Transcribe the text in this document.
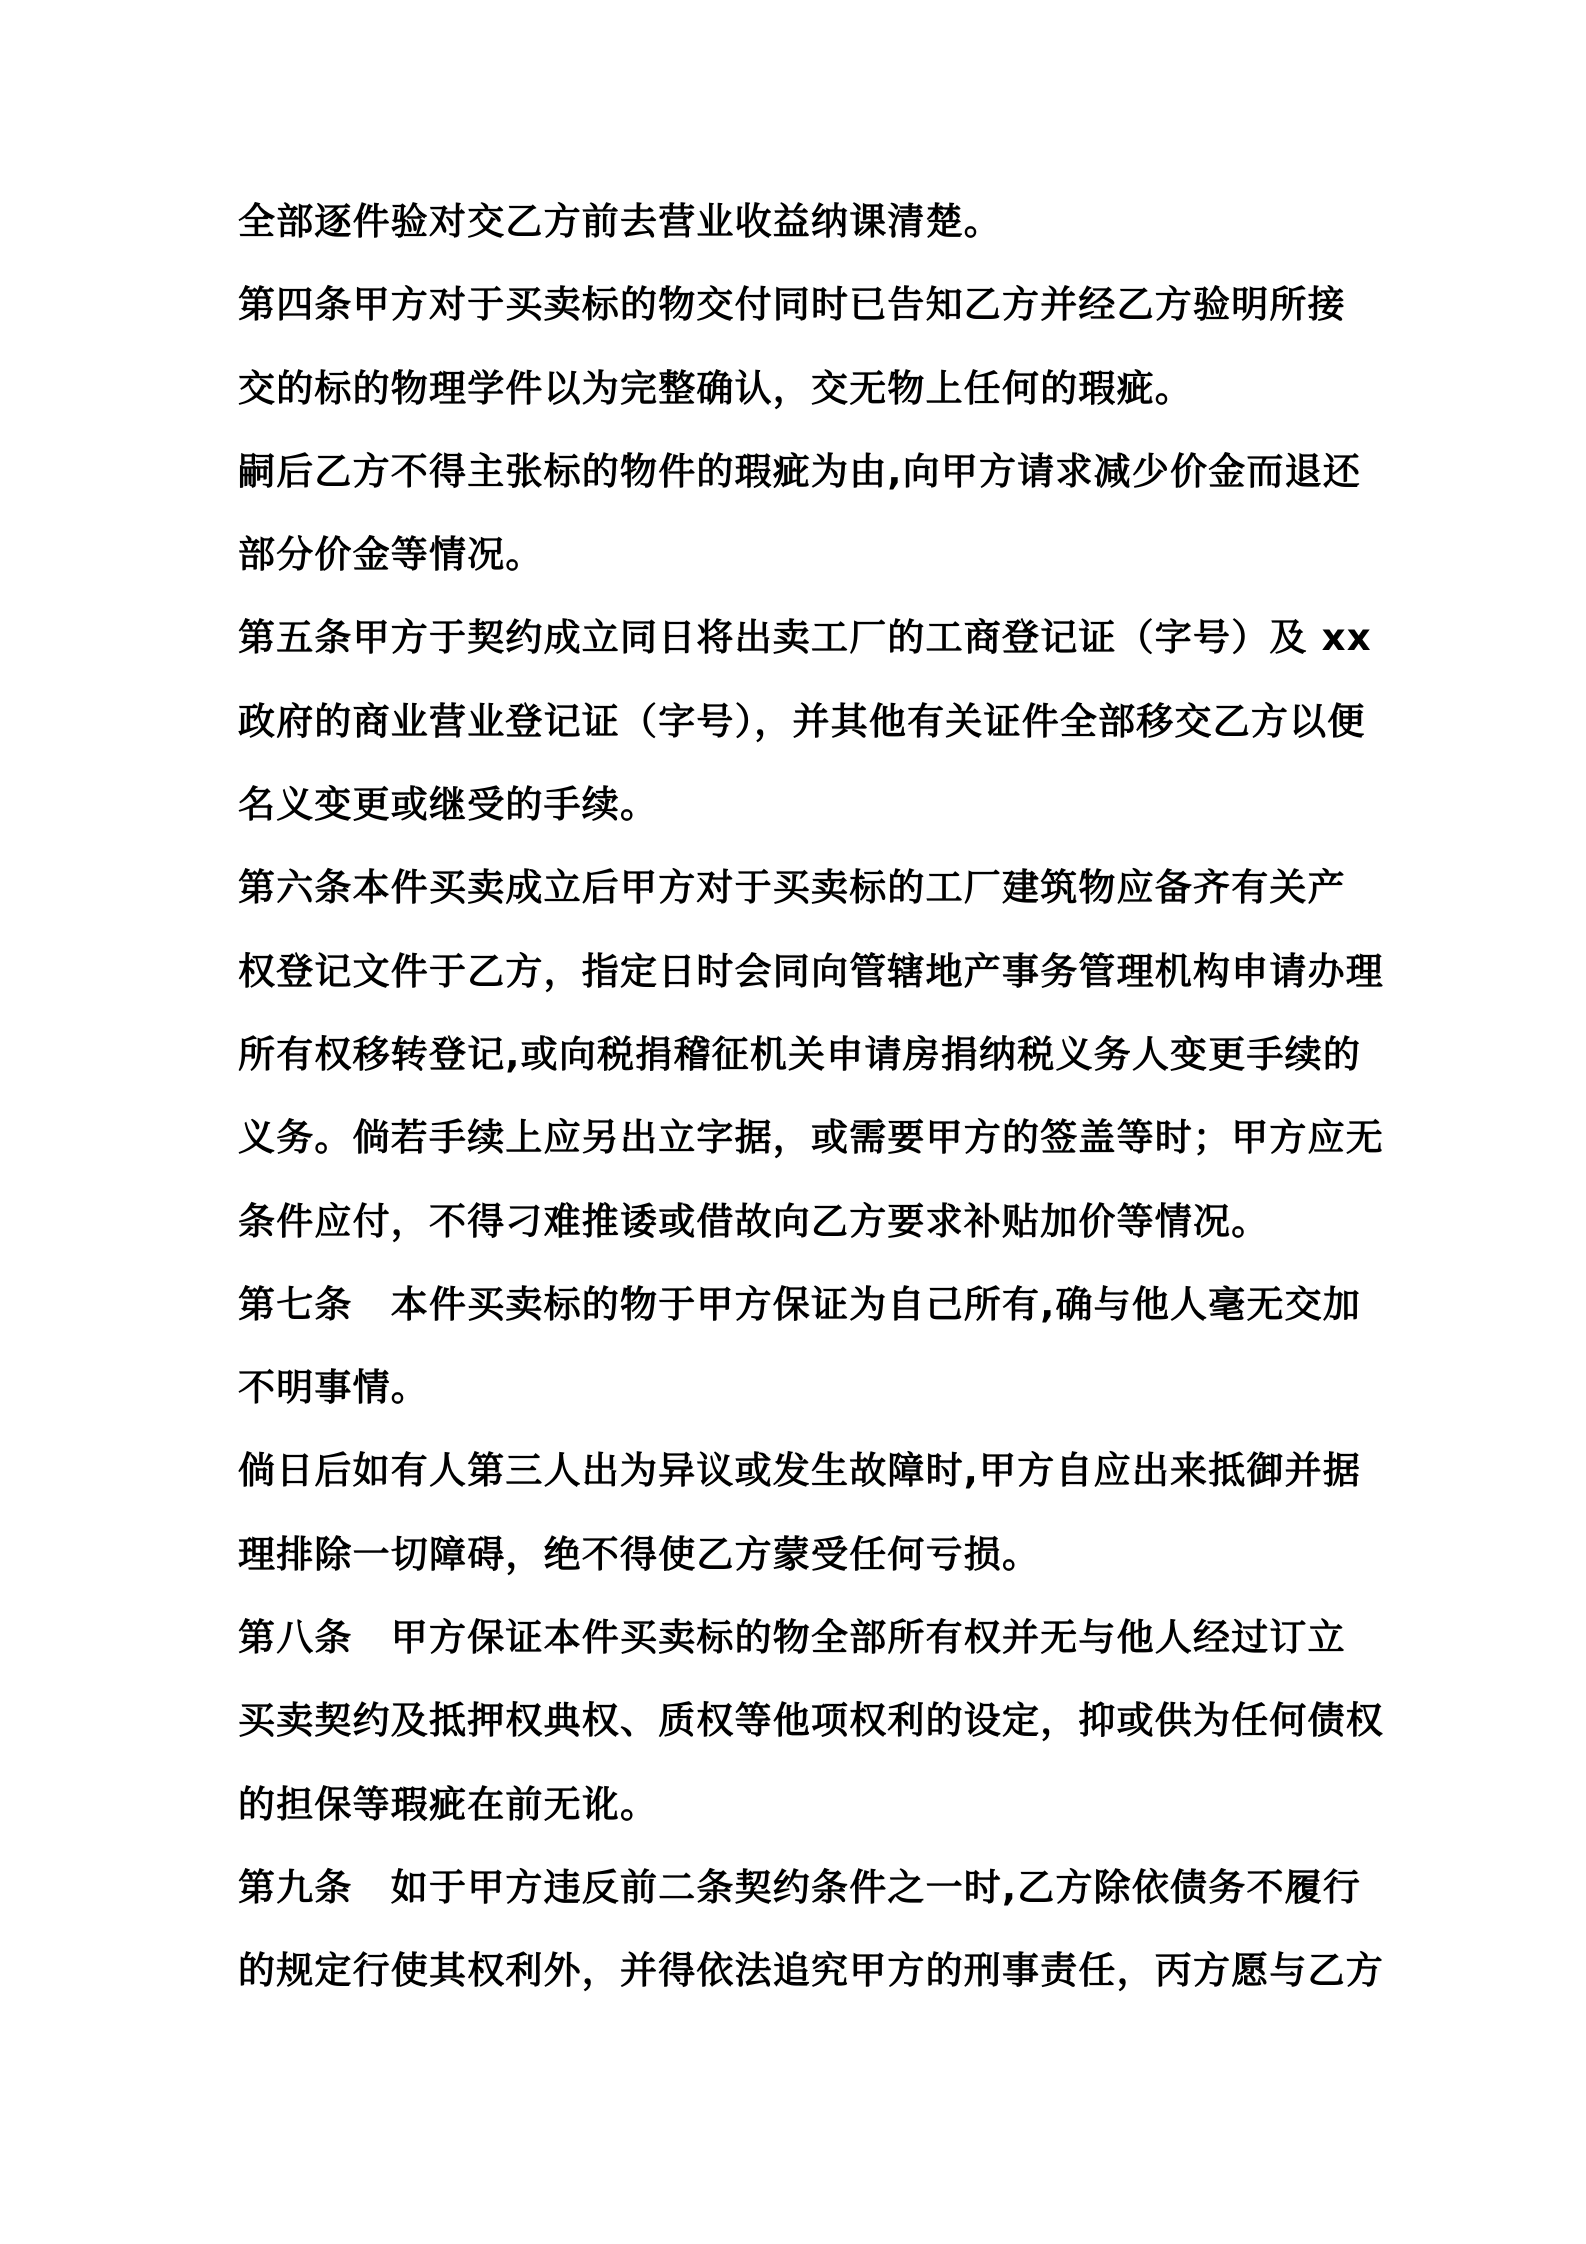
全部逐件验对交乙方前去营业收益纳课清楚。

第四条甲方对于买卖标的物交付同时已告知乙方并经乙方验明所接

交的标的物理学件以为完整确认，交无物上任何的瑕疵。

嗣后乙方不得主张标的物件的瑕疵为由,向甲方请求减少价金而退还

部分价金等情况。

第五条甲方于契约成立同日将出卖工厂的工商登记证（字号）及 xx

政府的商业营业登记证（字号），并其他有关证件全部移交乙方以便

名义变更或继受的手续。

第六条本件买卖成立后甲方对于买卖标的工厂建筑物应备齐有关产

权登记文件于乙方，指定日时会同向管辖地产事务管理机构申请办理

所有权移转登记,或向税捐稽征机关申请房捐纳税义务人变更手续的

义务。倘若手续上应另出立字据，或需要甲方的签盖等时；甲方应无

条件应付，不得刁难推诿或借故向乙方要求补贴加价等情况。

第七条　本件买卖标的物于甲方保证为自己所有,确与他人毫无交加

不明事情。

倘日后如有人第三人出为异议或发生故障时,甲方自应出来抵御并据

理排除一切障碍，绝不得使乙方蒙受任何亏损。

第八条　甲方保证本件买卖标的物全部所有权并无与他人经过订立

买卖契约及抵押权典权、质权等他项权利的设定，抑或供为任何债权

的担保等瑕疵在前无讹。

第九条　如于甲方违反前二条契约条件之一时,乙方除依债务不履行

的规定行使其权利外，并得依法追究甲方的刑事责任，丙方愿与乙方
